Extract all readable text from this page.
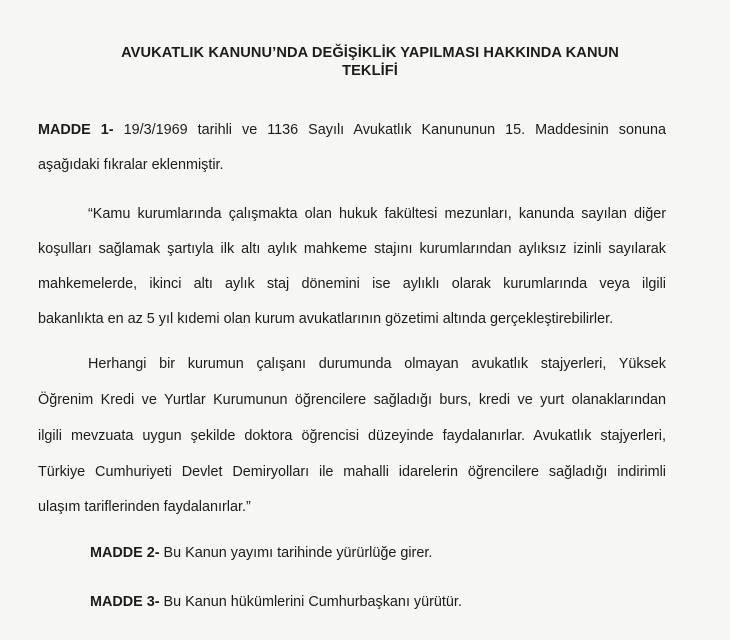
AVUKATLIK KANUNU’NDA DEĞİŞİKLİK YAPILMASI HAKKINDA KANUN
TEKLİFİ
MADDE 1- 19/3/1969 tarihli ve 1136 Sayılı Avukatlık Kanununun 15. Maddesinin sonuna
aşağıdaki fıkralar eklenmiştir.
“Kamu kurumlarında çalışmakta olan hukuk fakültesi mezunları, kanunda sayılan diğer
koşulları sağlamak şartıyla ilk altı aylık mahkeme stajını kurumlarından aylıksız izinli sayılarak
mahkemelerde, ikinci altı aylık staj dönemini ise aylıklı olarak kurumlarında veya ilgili
bakanlıkta en az 5 yıl kıdemi olan kurum avukatlarının gözetimi altında gerçekleştirebilirler.
Herhangi bir kurumun çalışanı durumunda olmayan avukatlık stajyerleri, Yüksek
Öğrenim Kredi ve Yurtlar Kurumunun öğrencilere sağladığı burs, kredi ve yurt olanaklarından
ilgili mevzuata uygun şekilde doktora öğrencisi düzeyinde faydalanırlar. Avukatlık stajyerleri,
Türkiye Cumhuriyeti Devlet Demiryolları ile mahalli idarelerin öğrencilere sağladığı indirimli
ulaşım tariflerinden faydalanırlar.”
MADDE 2- Bu Kanun yayımı tarihinde yürürlüğe girer.
MADDE 3- Bu Kanun hükümlerini Cumhurbaşkanı yürütür.
